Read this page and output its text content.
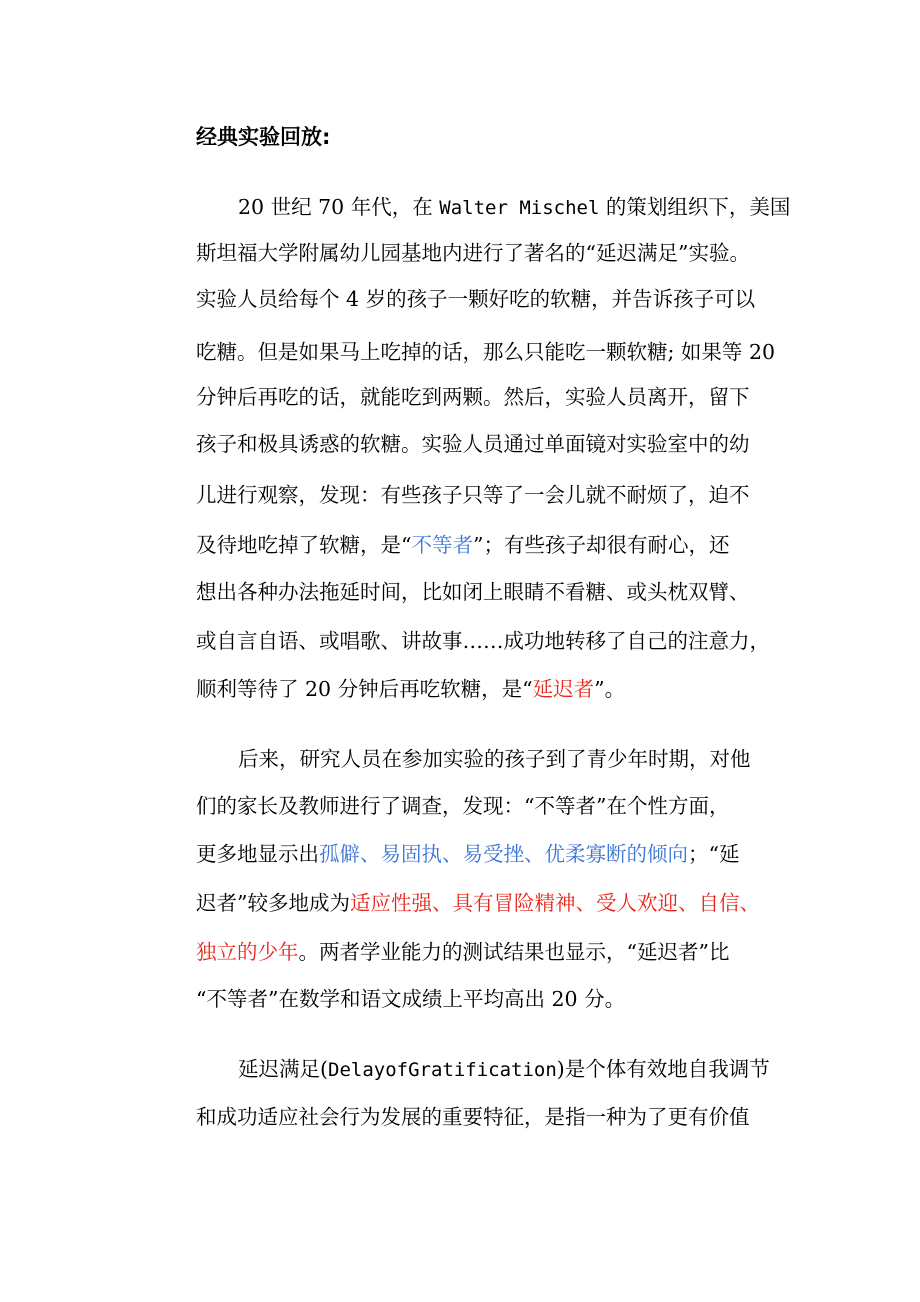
经典实验回放:
20 世纪 70 年代，在 Walter Mischel 的策划组织下，美国
斯坦福大学附属幼儿园基地内进行了著名的“延迟满足”实验。
实验人员给每个 4 岁的孩子一颗好吃的软糖，并告诉孩子可以
吃糖。但是如果马上吃掉的话，那么只能吃一颗软糖; 如果等 20
分钟后再吃的话，就能吃到两颗。然后，实验人员离开，留下
孩子和极具诱惑的软糖。实验人员通过单面镜对实验室中的幼
儿进行观察，发现：有些孩子只等了一会儿就不耐烦了，迫不
及待地吃掉了软糖，是“不等者”；有些孩子却很有耐心，还
想出各种办法拖延时间，比如闭上眼睛不看糖、或头枕双臂、
或自言自语、或唱歌、讲故事……成功地转移了自己的注意力，
顺利等待了 20 分钟后再吃软糖，是“延迟者”。
后来，研究人员在参加实验的孩子到了青少年时期，对他
们的家长及教师进行了调查，发现：“不等者”在个性方面，
更多地显示出孤僻、易固执、易受挫、优柔寡断的倾向；“延
迟者”较多地成为适应性强、具有冒险精神、受人欢迎、自信、
独立的少年。两者学业能力的测试结果也显示，“延迟者”比
“不等者”在数学和语文成绩上平均高出 20 分。
延迟满足(DelayofGratification)是个体有效地自我调节
和成功适应社会行为发展的重要特征，是指一种为了更有价值
